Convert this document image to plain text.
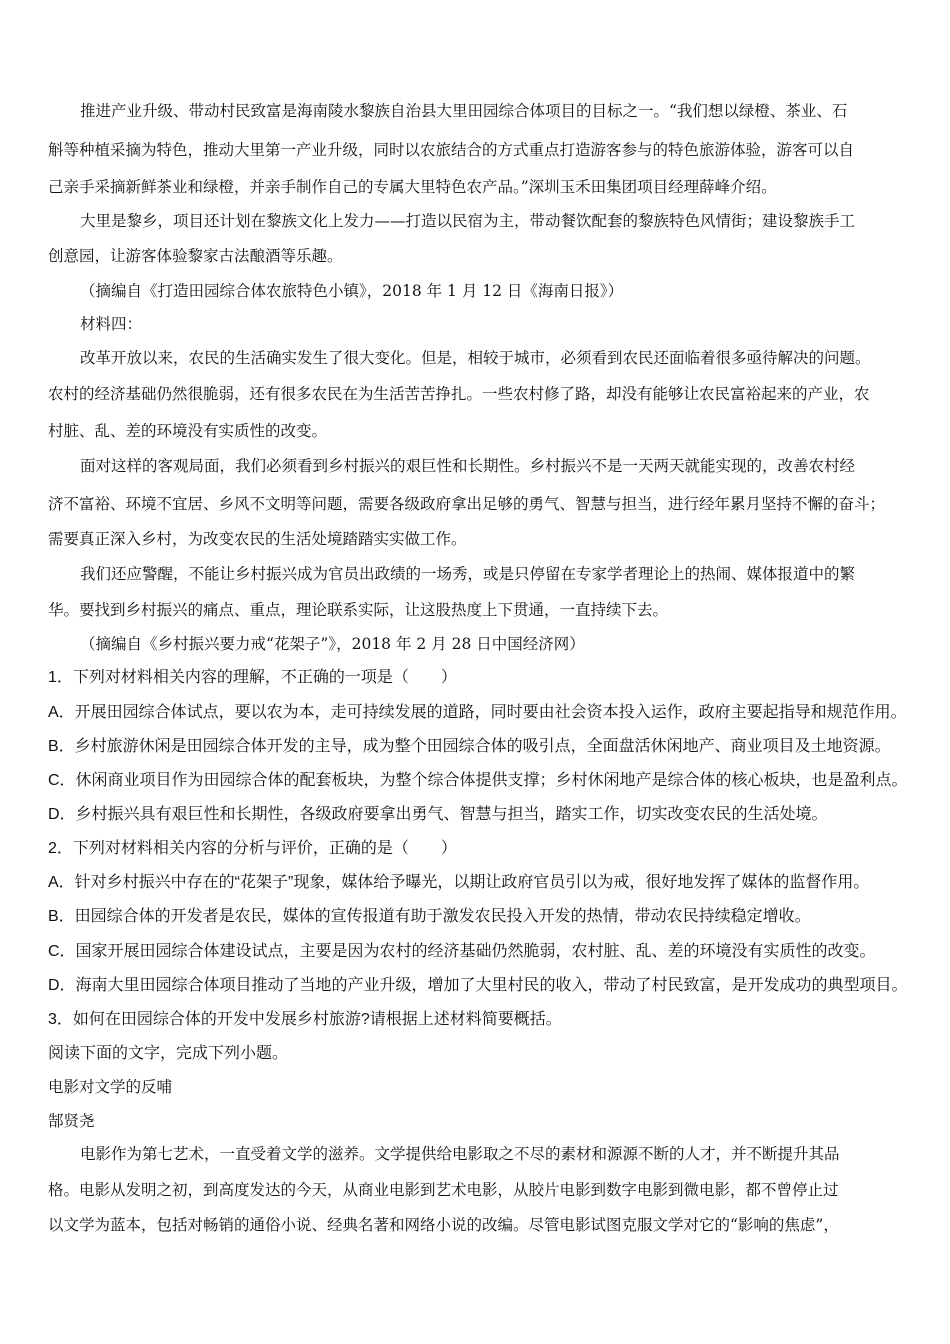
推进产业升级、带动村民致富是海南陵水黎族自治县大里田园综合体项目的目标之一。“我们想以绿橙、茶业、石
斛等种植采摘为特色，推动大里第一产业升级，同时以农旅结合的方式重点打造游客参与的特色旅游体验，游客可以自
己亲手采摘新鲜茶业和绿橙，并亲手制作自己的专属大里特色农产品。”深圳玉禾田集团项目经理薛峰介绍。
大里是黎乡，项目还计划在黎族文化上发力——打造以民宿为主，带动餐饮配套的黎族特色风情街；建设黎族手工
创意园，让游客体验黎家古法酿酒等乐趣。
（摘编自《打造田园综合体农旅特色小镇》，2018 年 1 月 12 日《海南日报》）
材料四：
改革开放以来，农民的生活确实发生了很大变化。但是，相较于城市，必须看到农民还面临着很多亟待解决的问题。
农村的经济基础仍然很脆弱，还有很多农民在为生活苦苦挣扎。一些农村修了路，却没有能够让农民富裕起来的产业，农
村脏、乱、差的环境没有实质性的改变。
面对这样的客观局面，我们必须看到乡村振兴的艰巨性和长期性。乡村振兴不是一天两天就能实现的，改善农村经
济不富裕、环境不宜居、乡风不文明等问题，需要各级政府拿出足够的勇气、智慧与担当，进行经年累月坚持不懈的奋斗；
需要真正深入乡村，为改变农民的生活处境踏踏实实做工作。
我们还应警醒，不能让乡村振兴成为官员出政绩的一场秀，或是只停留在专家学者理论上的热闹、媒体报道中的繁
华。要找到乡村振兴的痛点、重点，理论联系实际，让这股热度上下贯通，一直持续下去。
（摘编自《乡村振兴要力戒“花架子”》，2018 年 2 月 28 日中国经济网）
1．下列对材料相关内容的理解，不正确的一项是（　　）
A．开展田园综合体试点，要以农为本，走可持续发展的道路，同时要由社会资本投入运作，政府主要起指导和规范作用。
B．乡村旅游休闲是田园综合体开发的主导，成为整个田园综合体的吸引点，全面盘活休闲地产、商业项目及土地资源。
C．休闲商业项目作为田园综合体的配套板块，为整个综合体提供支撑；乡村休闲地产是综合体的核心板块，也是盈利点。
D．乡村振兴具有艰巨性和长期性，各级政府要拿出勇气、智慧与担当，踏实工作，切实改变农民的生活处境。
2．下列对材料相关内容的分析与评价，正确的是（　　）
A．针对乡村振兴中存在的“花架子”现象，媒体给予曝光，以期让政府官员引以为戒，很好地发挥了媒体的监督作用。
B．田园综合体的开发者是农民，媒体的宣传报道有助于激发农民投入开发的热情，带动农民持续稳定增收。
C．国家开展田园综合体建设试点，主要是因为农村的经济基础仍然脆弱，农村脏、乱、差的环境没有实质性的改变。
D．海南大里田园综合体项目推动了当地的产业升级，增加了大里村民的收入，带动了村民致富，是开发成功的典型项目。
3．如何在田园综合体的开发中发展乡村旅游?请根据上述材料简要概括。
阅读下面的文字，完成下列小题。
电影对文学的反哺
郜贤尧
电影作为第七艺术，一直受着文学的滋养。文学提供给电影取之不尽的素材和源源不断的人才，并不断提升其品
格。电影从发明之初，到高度发达的今天，从商业电影到艺术电影，从胶片电影到数字电影到微电影，都不曾停止过
以文学为蓝本，包括对畅销的通俗小说、经典名著和网络小说的改编。尽管电影试图克服文学对它的“影响的焦虑”，
